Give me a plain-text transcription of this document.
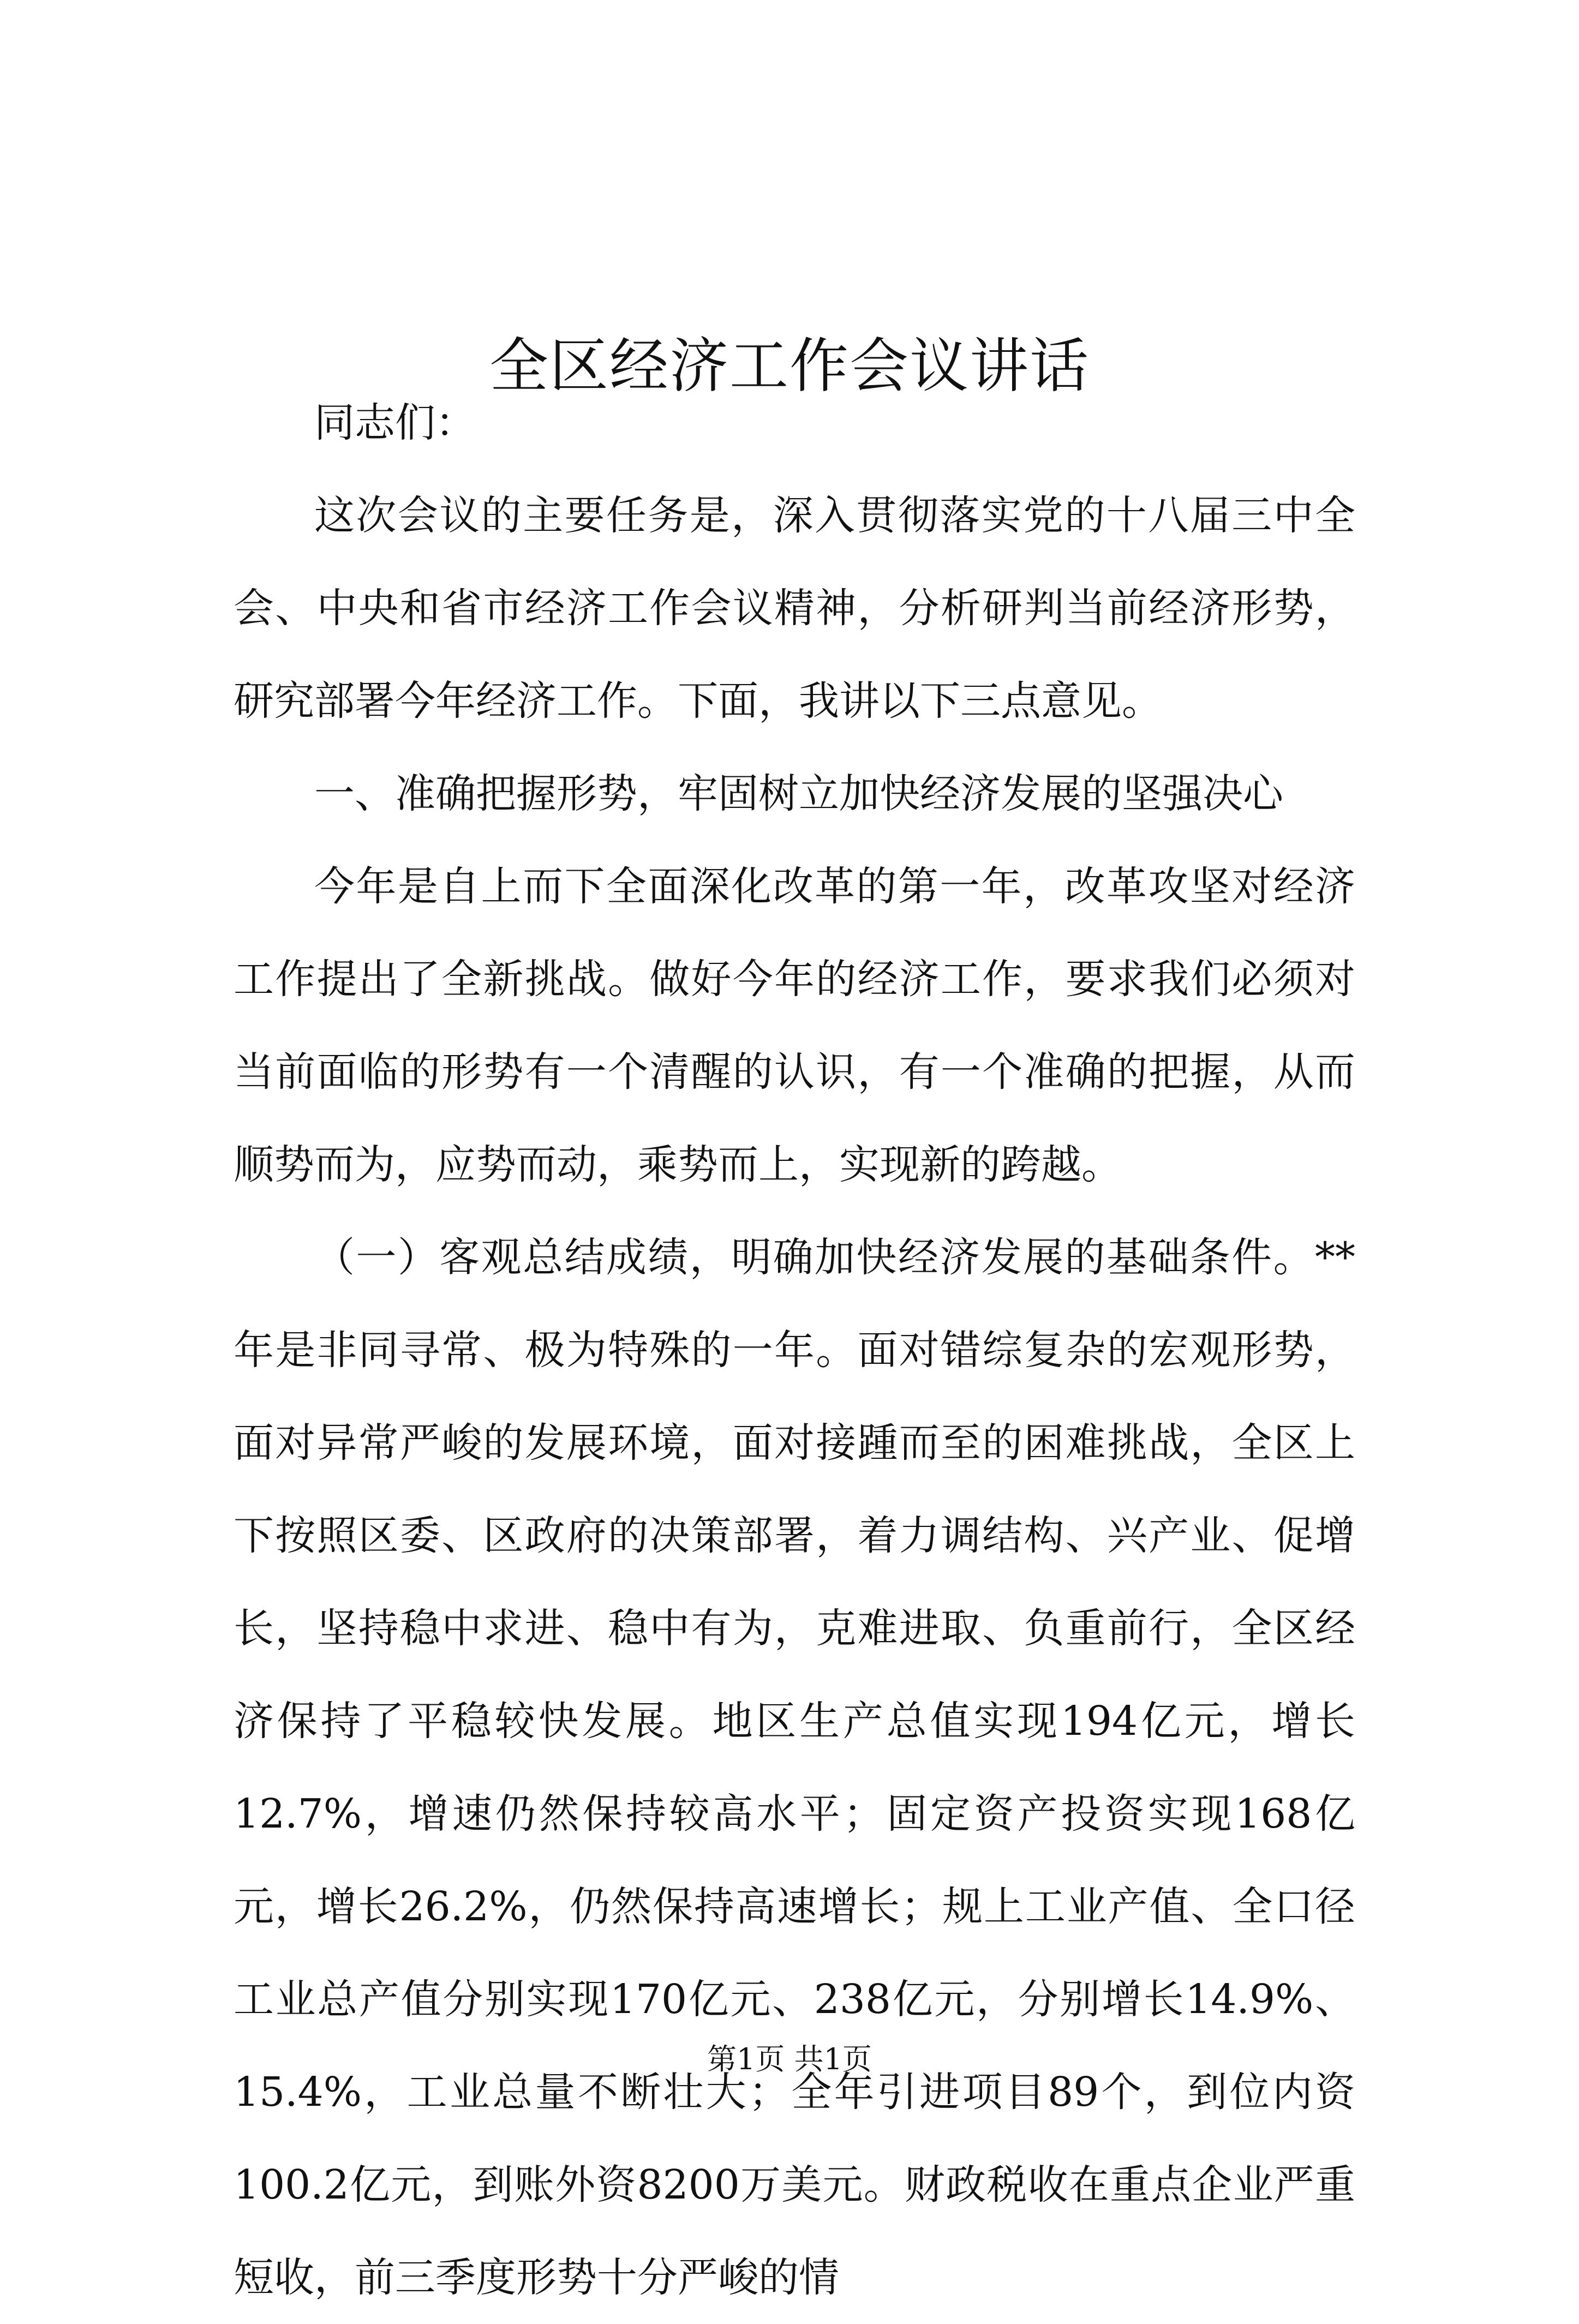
全区经济工作会议讲话

同志们：

这次会议的主要任务是，深入贯彻落实党的十八届三中全会、中央和省市经济工作会议精神，分析研判当前经济形势，研究部署今年经济工作。下面，我讲以下三点意见。

一、准确把握形势，牢固树立加快经济发展的坚强决心

今年是自上而下全面深化改革的第一年，改革攻坚对经济工作提出了全新挑战。做好今年的经济工作，要求我们必须对当前面临的形势有一个清醒的认识，有一个准确的把握，从而顺势而为，应势而动，乘势而上，实现新的跨越。

（一）客观总结成绩，明确加快经济发展的基础条件。**年是非同寻常、极为特殊的一年。面对错综复杂的宏观形势，面对异常严峻的发展环境，面对接踵而至的困难挑战，全区上下按照区委、区政府的决策部署，着力调结构、兴产业、促增长，坚持稳中求进、稳中有为，克难进取、负重前行，全区经济保持了平稳较快发展。地区生产总值实现194亿元，增长12.7%，增速仍然保持较高水平；固定资产投资实现168亿元，增长26.2%，仍然保持高速增长；规上工业产值、全口径工业总产值分别实现170亿元、238亿元，分别增长14.9%、15.4%，工业总量不断壮大；全年引进项目89个，到位内资100.2亿元，到账外资8200万美元。财政税收在重点企业严重短收，前三季度形势十分严峻的情

第1页 共1页
